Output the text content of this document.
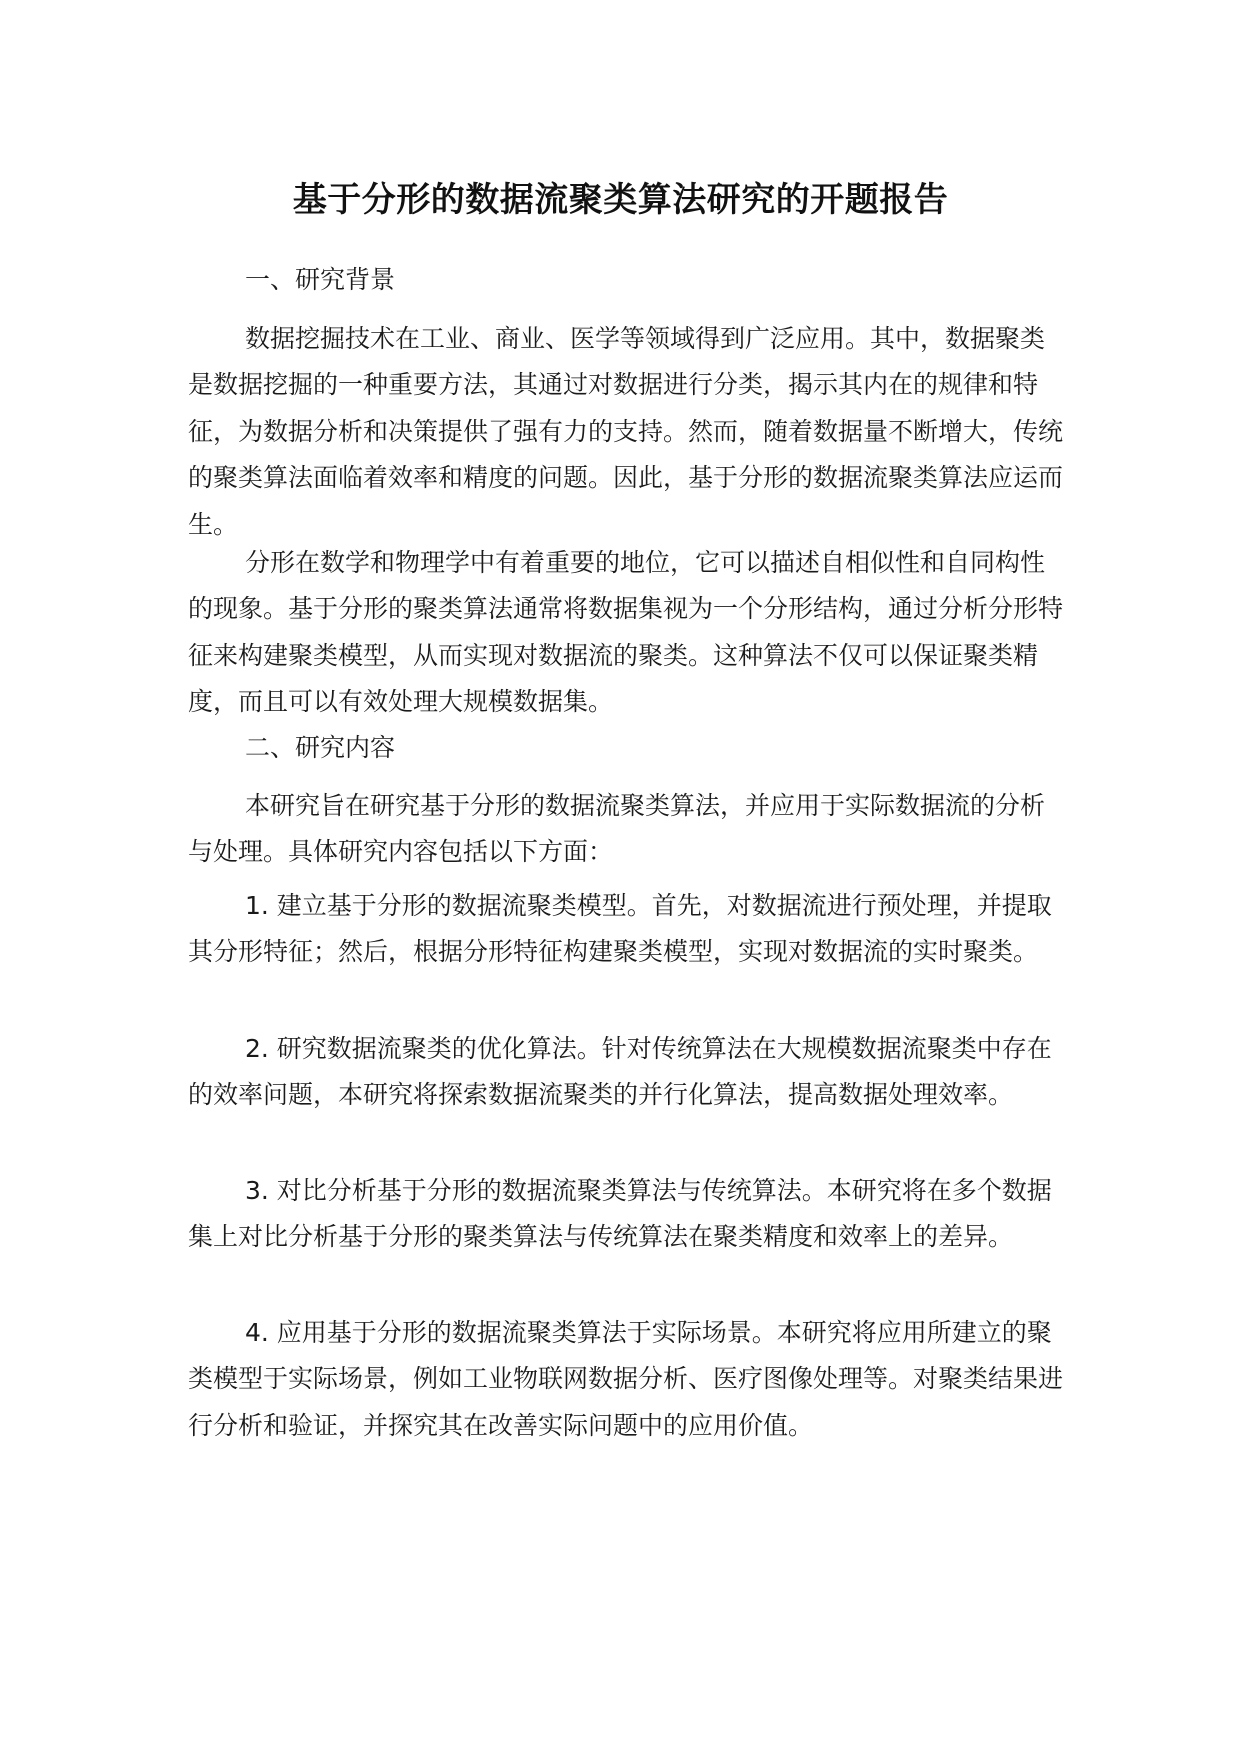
基于分形的数据流聚类算法研究的开题报告
一、研究背景

数据挖掘技术在工业、商业、医学等领域得到广泛应用。其中，数据聚类是数据挖掘的一种重要方法，其通过对数据进行分类，揭示其内在的规律和特征，为数据分析和决策提供了强有力的支持。然而，随着数据量不断增大，传统的聚类算法面临着效率和精度的问题。因此，基于分形的数据流聚类算法应运而生。

分形在数学和物理学中有着重要的地位，它可以描述自相似性和自同构性的现象。基于分形的聚类算法通常将数据集视为一个分形结构，通过分析分形特征来构建聚类模型，从而实现对数据流的聚类。这种算法不仅可以保证聚类精度，而且可以有效处理大规模数据集。

二、研究内容

本研究旨在研究基于分形的数据流聚类算法，并应用于实际数据流的分析与处理。具体研究内容包括以下方面：

1. 建立基于分形的数据流聚类模型。首先，对数据流进行预处理，并提取其分形特征；然后，根据分形特征构建聚类模型，实现对数据流的实时聚类。

2. 研究数据流聚类的优化算法。针对传统算法在大规模数据流聚类中存在的效率问题，本研究将探索数据流聚类的并行化算法，提高数据处理效率。

3. 对比分析基于分形的数据流聚类算法与传统算法。本研究将在多个数据集上对比分析基于分形的聚类算法与传统算法在聚类精度和效率上的差异。

4. 应用基于分形的数据流聚类算法于实际场景。本研究将应用所建立的聚类模型于实际场景，例如工业物联网数据分析、医疗图像处理等。对聚类结果进行分析和验证，并探究其在改善实际问题中的应用价值。
